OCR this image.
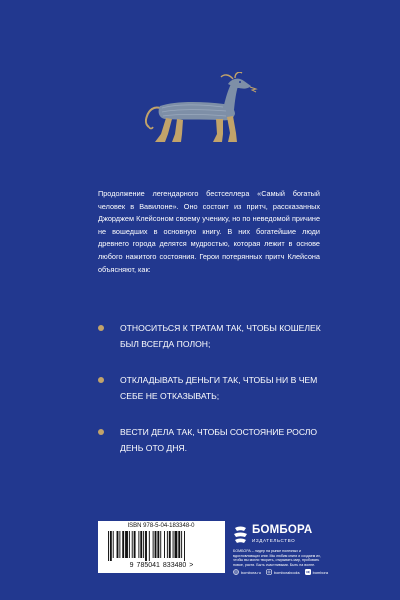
Продолжение легендарного бестселлера «Самый богатый человек в Вавилоне». Оно состоит из притч, рассказанных Джорджем Клейсоном своему ученику, но по неведомой причине не вошедших в основную книгу. В них богатейшие люди древнего города делятся мудростью, которая лежит в основе любого нажитого состояния. Герои потерянных притч Клейсона объясняют, как:

ОТНОСИТЬСЯ К ТРАТАМ ТАК, ЧТОБЫ КОШЕЛЕК БЫЛ ВСЕГДА ПОЛОН;
ОТКЛАДЫВАТЬ ДЕНЬГИ ТАК, ЧТОБЫ НИ В ЧЕМ СЕБЕ НЕ ОТКАЗЫВАТЬ;
ВЕСТИ ДЕЛА ТАК, ЧТОБЫ СОСТОЯНИЕ РОСЛО ДЕНЬ ОТО ДНЯ.
ISBN 978-5-04-183348-0
9 785041 833480 >
БОМБОРА
ИЗДАТЕЛЬСТВО

БОМБОРА – лидер на рынке полезных и вдохновляющих книг. Мы любим книги и создаем их, чтобы вы могли творить, открывать мир, пробовать новое, расти. Быть счастливыми. Быть на волне.

bombora.ru	bomborabooks	bombora
